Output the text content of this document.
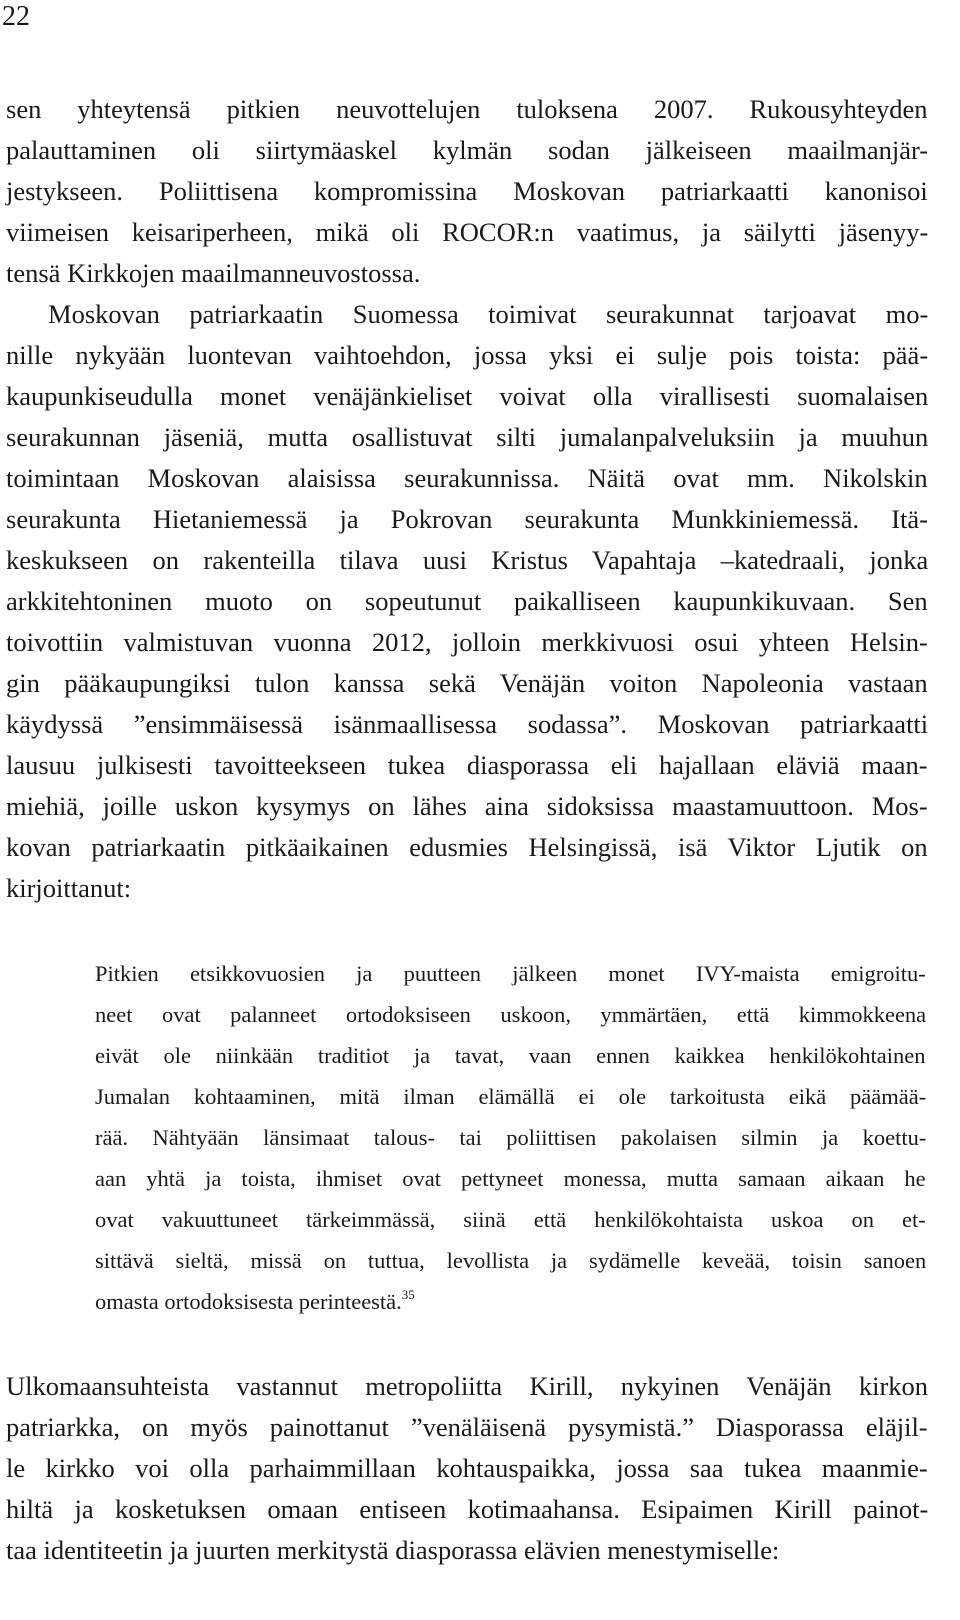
22
sen yhteytensä pitkien neuvottelujen tuloksena 2007. Rukousyhteyden
palauttaminen oli siirtymäaskel kylmän sodan jälkeiseen maailmanjär-
jestykseen. Poliittisena kompromissina Moskovan patriarkaatti kanonisoi
viimeisen keisariperheen, mikä oli ROCOR:n vaatimus, ja säilytti jäsenyy-
tensä Kirkkojen maailmanneuvostossa.
Moskovan patriarkaatin Suomessa toimivat seurakunnat tarjoavat mo-
nille nykyään luontevan vaihtoehdon, jossa yksi ei sulje pois toista: pää-
kaupunkiseudulla monet venäjänkieliset voivat olla virallisesti suomalaisen
seurakunnan jäseniä, mutta osallistuvat silti jumalanpalveluksiin ja muuhun
toimintaan Moskovan alaisissa seurakunnissa. Näitä ovat mm. Nikolskin
seurakunta Hietaniemessä ja Pokrovan seurakunta Munkkiniemessä. Itä-
keskukseen on rakenteilla tilava uusi Kristus Vapahtaja –katedraali, jonka
arkkitehtoninen muoto on sopeutunut paikalliseen kaupunkikuvaan. Sen
toivottiin valmistuvan vuonna 2012, jolloin merkkivuosi osui yhteen Helsin-
gin pääkaupungiksi tulon kanssa sekä Venäjän voiton Napoleonia vastaan
käydyssä ”ensimmäisessä isänmaallisessa sodassa”. Moskovan patriarkaatti
lausuu julkisesti tavoitteekseen tukea diasporassa eli hajallaan eläviä maan-
miehiä, joille uskon kysymys on lähes aina sidoksissa maastamuuttoon. Mos-
kovan patriarkaatin pitkäaikainen edusmies Helsingissä, isä Viktor Ljutik on
kirjoittanut:
Pitkien etsikkovuosien ja puutteen jälkeen monet IVY-maista emigroitu-
neet ovat palanneet ortodoksiseen uskoon, ymmärtäen, että kimmokkeena
eivät ole niinkään traditiot ja tavat, vaan ennen kaikkea henkilökohtainen
Jumalan kohtaaminen, mitä ilman elämällä ei ole tarkoitusta eikä päämää-
rää. Nähtyään länsimaat talous- tai poliittisen pakolaisen silmin ja koettu-
aan yhtä ja toista, ihmiset ovat pettyneet monessa, mutta samaan aikaan he
ovat vakuuttuneet tärkeimmässä, siinä että henkilökohtaista uskoa on et-
sittävä sieltä, missä on tuttua, levollista ja sydämelle keveää, toisin sanoen
omasta ortodoksisesta perinteestä.$^{35}$
Ulkomaansuhteista vastannut metropoliitta Kirill, nykyinen Venäjän kirkon
patriarkka, on myös painottanut ”venäläisenä pysymistä.” Diasporassa eläjil-
le kirkko voi olla parhaimmillaan kohtauspaikka, jossa saa tukea maanmie-
hiltä ja kosketuksen omaan entiseen kotimaahansa. Esipaimen Kirill painot-
taa identiteetin ja juurten merkitystä diasporassa elävien menestymiselle:
